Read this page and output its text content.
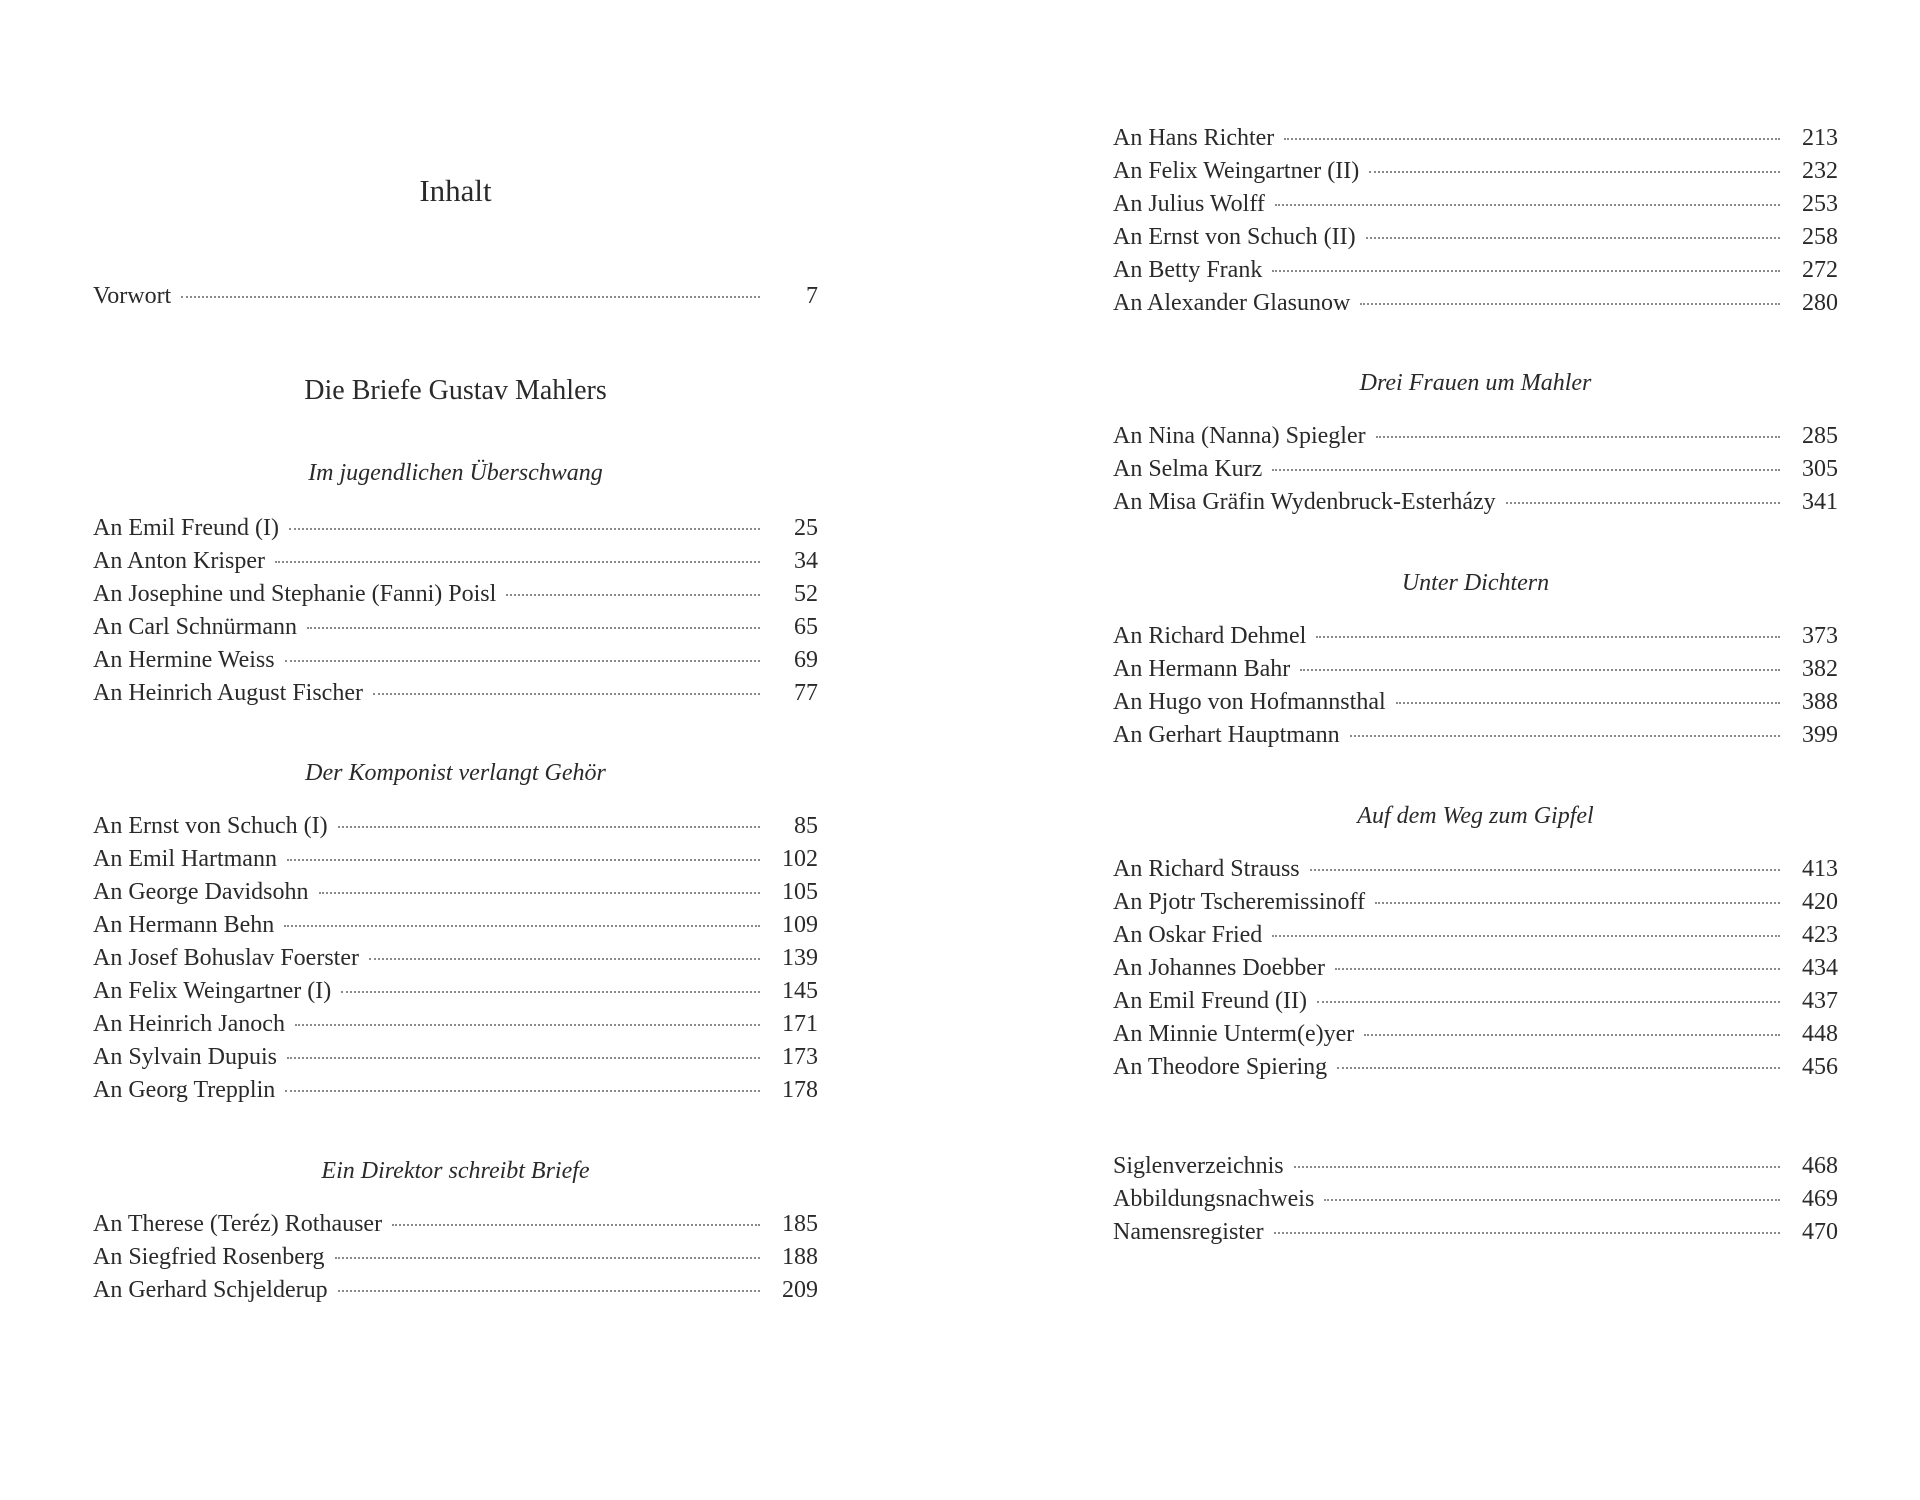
Inhalt
Vorwort	7
Die Briefe Gustav Mahlers
Im jugendlichen Überschwang
An Emil Freund (I)	25
An Anton Krisper	34
An Josephine und Stephanie (Fanni) Poisl	52
An Carl Schnürmann	65
An Hermine Weiss	69
An Heinrich August Fischer	77
Der Komponist verlangt Gehör
An Ernst von Schuch (I)	85
An Emil Hartmann	102
An George Davidsohn	105
An Hermann Behn	109
An Josef Bohuslav Foerster	139
An Felix Weingartner (I)	145
An Heinrich Janoch	171
An Sylvain Dupuis	173
An Georg Trepplin	178
Ein Direktor schreibt Briefe
An Therese (Teréz) Rothauser	185
An Siegfried Rosenberg	188
An Gerhard Schjelderup	209
An Hans Richter	213
An Felix Weingartner (II)	232
An Julius Wolff	253
An Ernst von Schuch (II)	258
An Betty Frank	272
An Alexander Glasunow	280
Drei Frauen um Mahler
An Nina (Nanna) Spiegler	285
An Selma Kurz	305
An Misa Gräfin Wydenbruck-Esterházy	341
Unter Dichtern
An Richard Dehmel	373
An Hermann Bahr	382
An Hugo von Hofmannsthal	388
An Gerhart Hauptmann	399
Auf dem Weg zum Gipfel
An Richard Strauss	413
An Pjotr Tscheremissinoff	420
An Oskar Fried	423
An Johannes Doebber	434
An Emil Freund (II)	437
An Minnie Unterm(e)yer	448
An Theodore Spiering	456
Siglenverzeichnis	468
Abbildungsnachweis	469
Namensregister	470
